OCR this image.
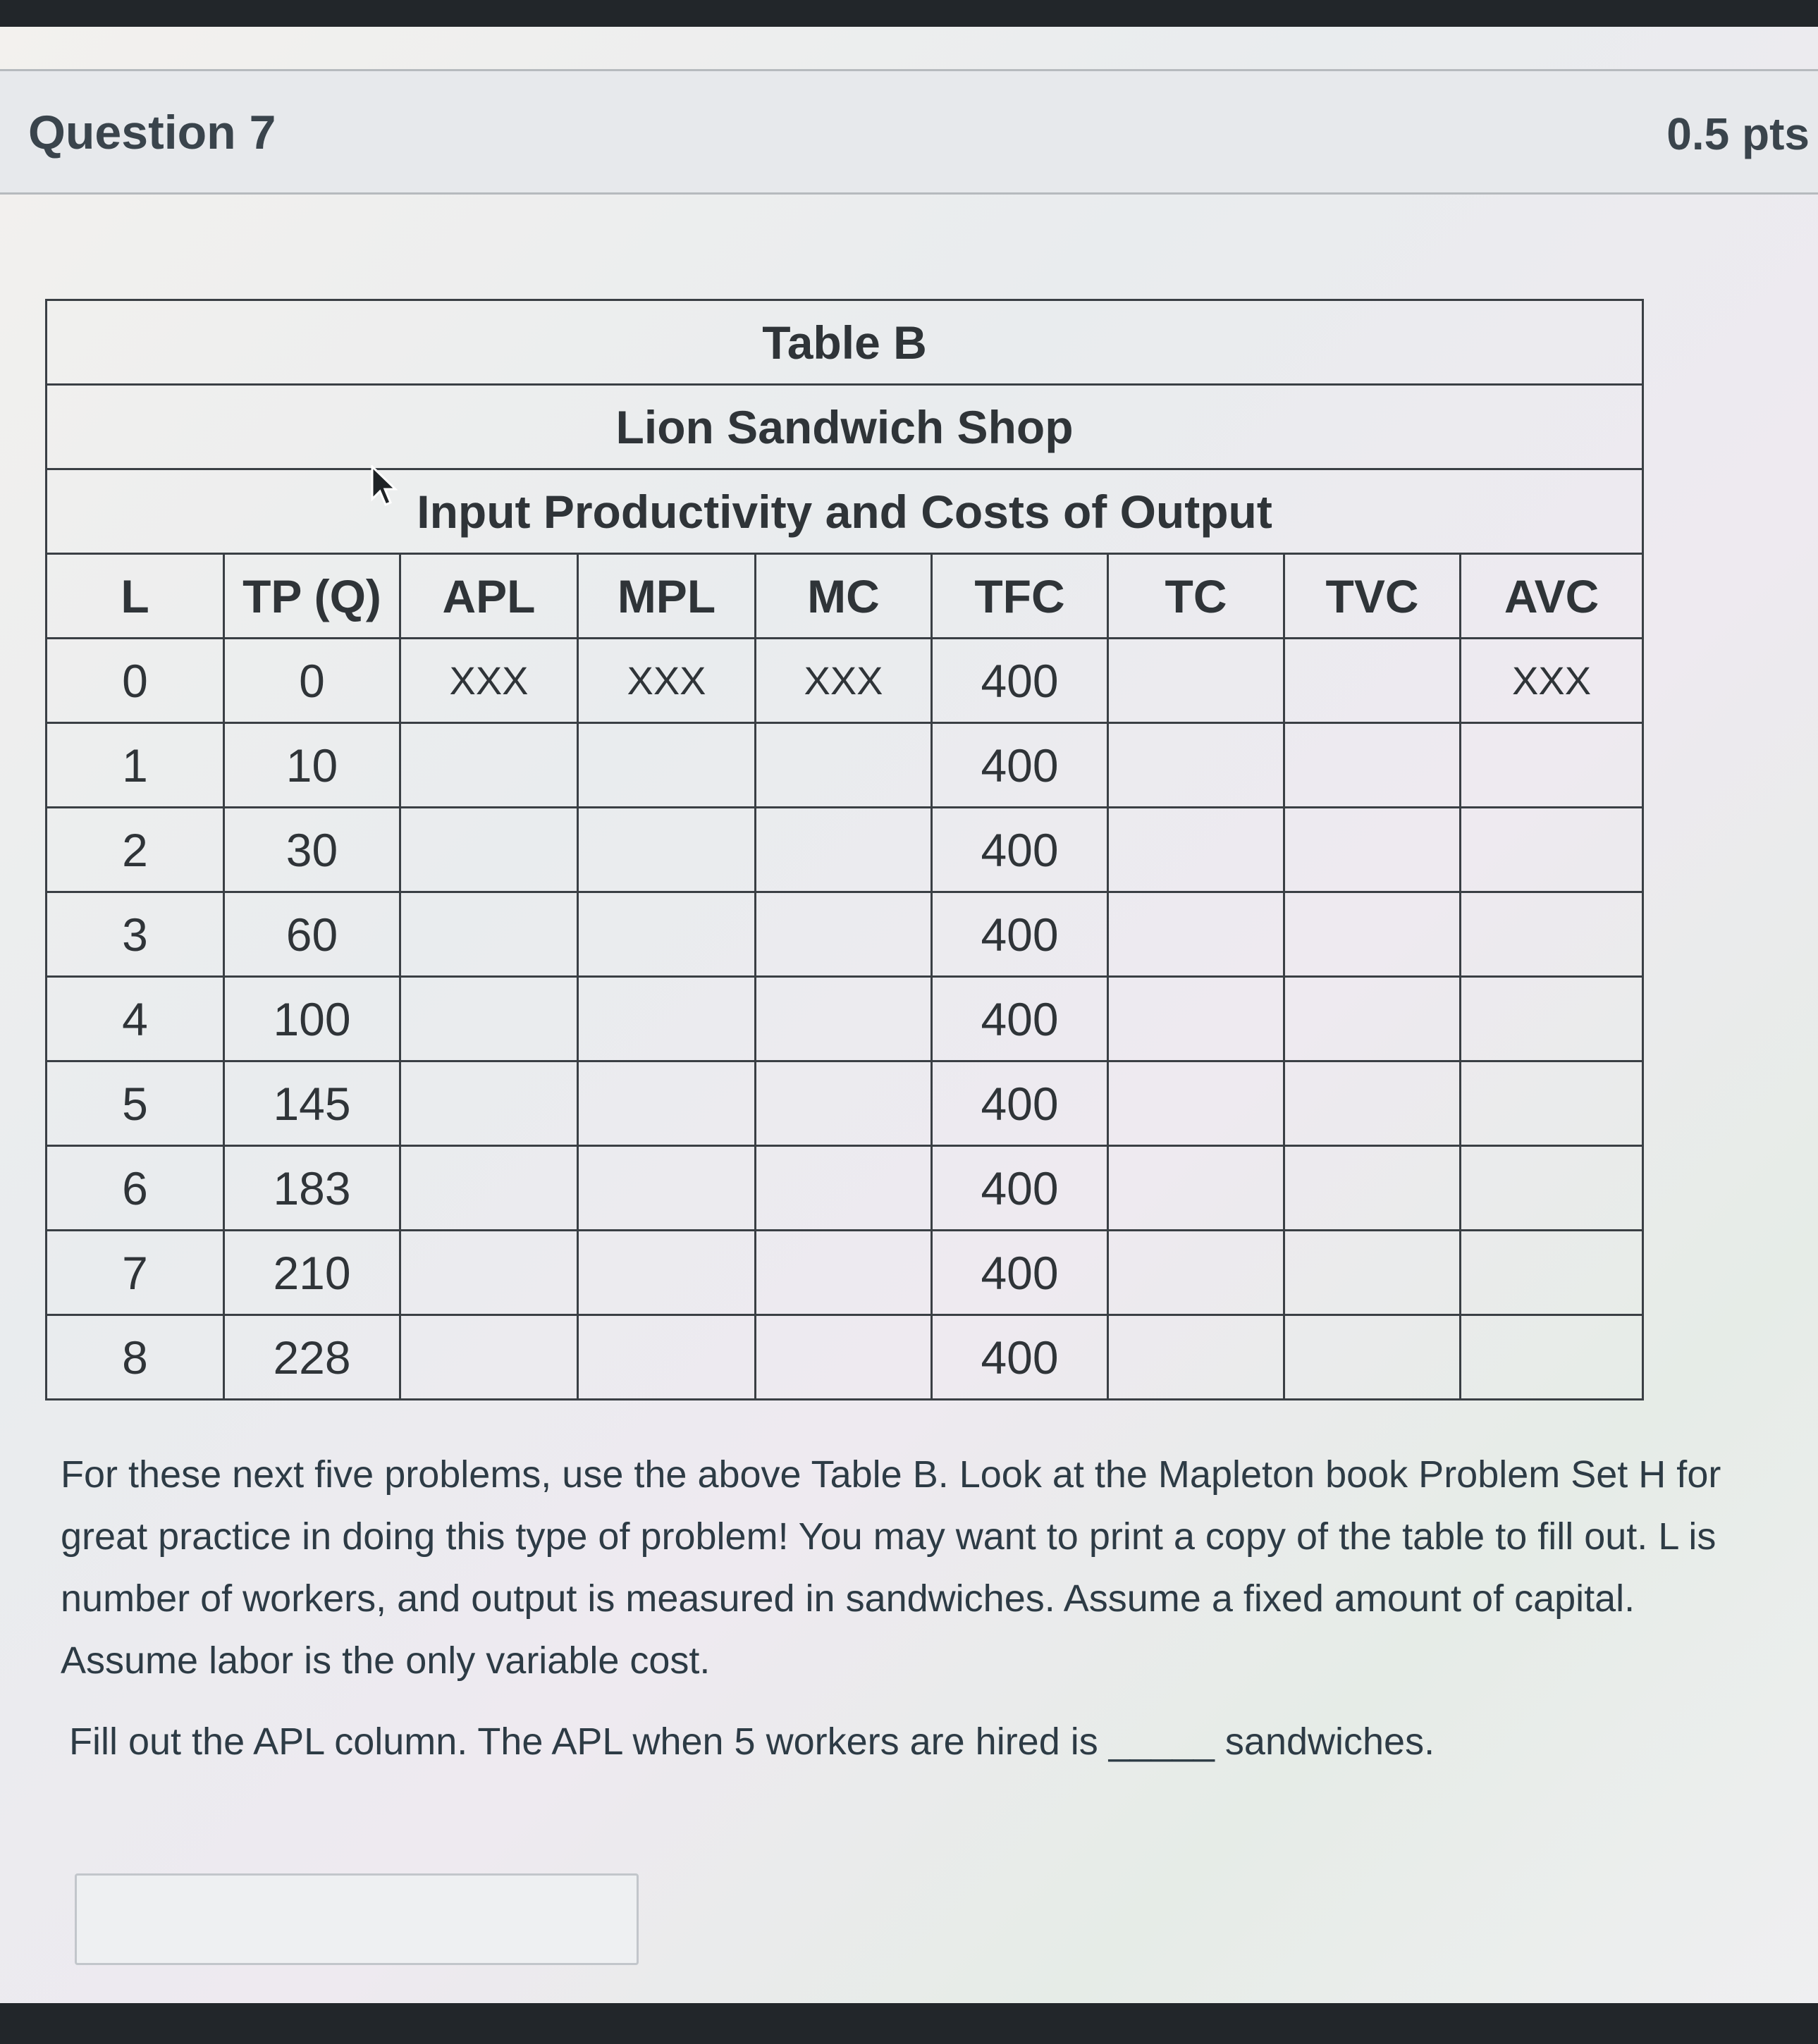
Question 7	0.5 pts
Table B								
Lion Sandwich Shop								
Input Productivity and Costs of Output								
L	TP (Q)	APL	MPL	MC	TFC	TC	TVC	AVC
0	0	XXX	XXX	XXX	400			XXX
1	10				400			
2	30				400			
3	60				400			
4	100				400			
5	145				400			
6	183				400			
7	210				400			
8	228				400			
For these next five problems, use the above Table B. Look at the Mapleton book Problem Set H for great practice in doing this type of problem! You may want to print a copy of the table to fill out. L is number of workers, and output is measured in sandwiches. Assume a fixed amount of capital. Assume labor is the only variable cost.
Fill out the APL column. The APL when 5 workers are hired is _____ sandwiches.
